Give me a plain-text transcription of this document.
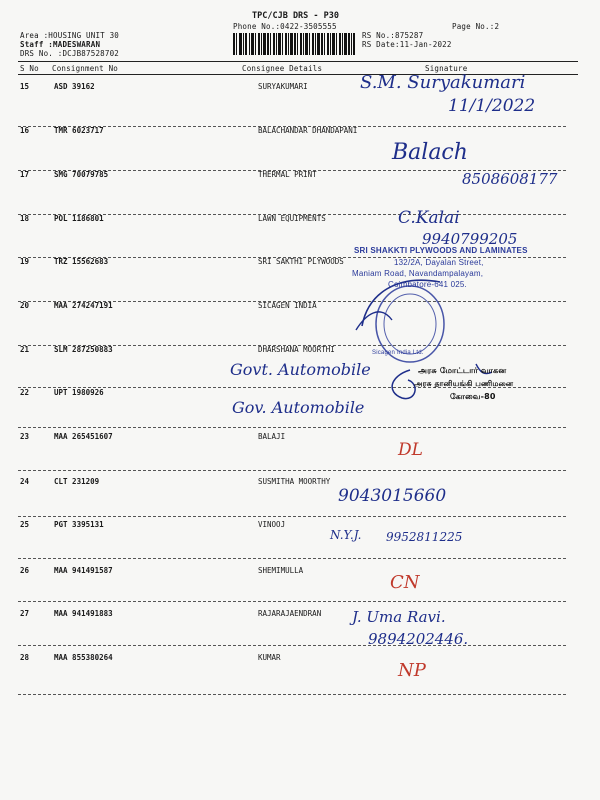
TPC/CJB DRS - P30
Phone No.:0422-3505555
Area :HOUSING UNIT 30
Staff :MADESWARAN
DRS No. :DCJB87528702
RS No.:875287
RS Date:11-Jan-2022
Page No.:2
S No Consignment No	Consignee Details	Signature
15	ASD 39162	SURYAKUMARI
16	TMR 6023717	BALACHANDAR DHANDAPANI
17	SMG 70079785	THERMAL PRINT
18	POL 1186801	LAWN EQUIPMENTS
19	TRZ 15562683	SRI SAKTHI PLYWOODS
20	MAA 274247191	SICAGEN INDIA
21	SLM 287250883	DHARSHANA MOORTHI
22	UPT 1980926
23	MAA 265451607	BALAJI
24	CLT 231209	SUSMITHA MOORTHY
25	PGT 3395131	VINOOJ
26	MAA 941491587	SHEMIMULLA
27	MAA 941491883	RAJARAJAENDRAN
28	MAA 855380264	KUMAR
S.M. Suryakumari
11/1/2022
Balach
8508608177
C.Kalai
9940799205
Govt. Automobile
Gov. Automobile
DL
9043015660
N.Y.J. 9952811225
CN
J. Uma Ravi.
9894202446.
NP
SRI SHAKKTI PLYWOODS AND LAMINATES
132/2A, Dayalan Street,
Maniam Road, Navandampalayam,
Coimbatore-641 025.
Sicagen India Ltd.
அரசு மோட்டார் வாகன
அரசு தானியங்கி பணிமனை
கோவை-80
